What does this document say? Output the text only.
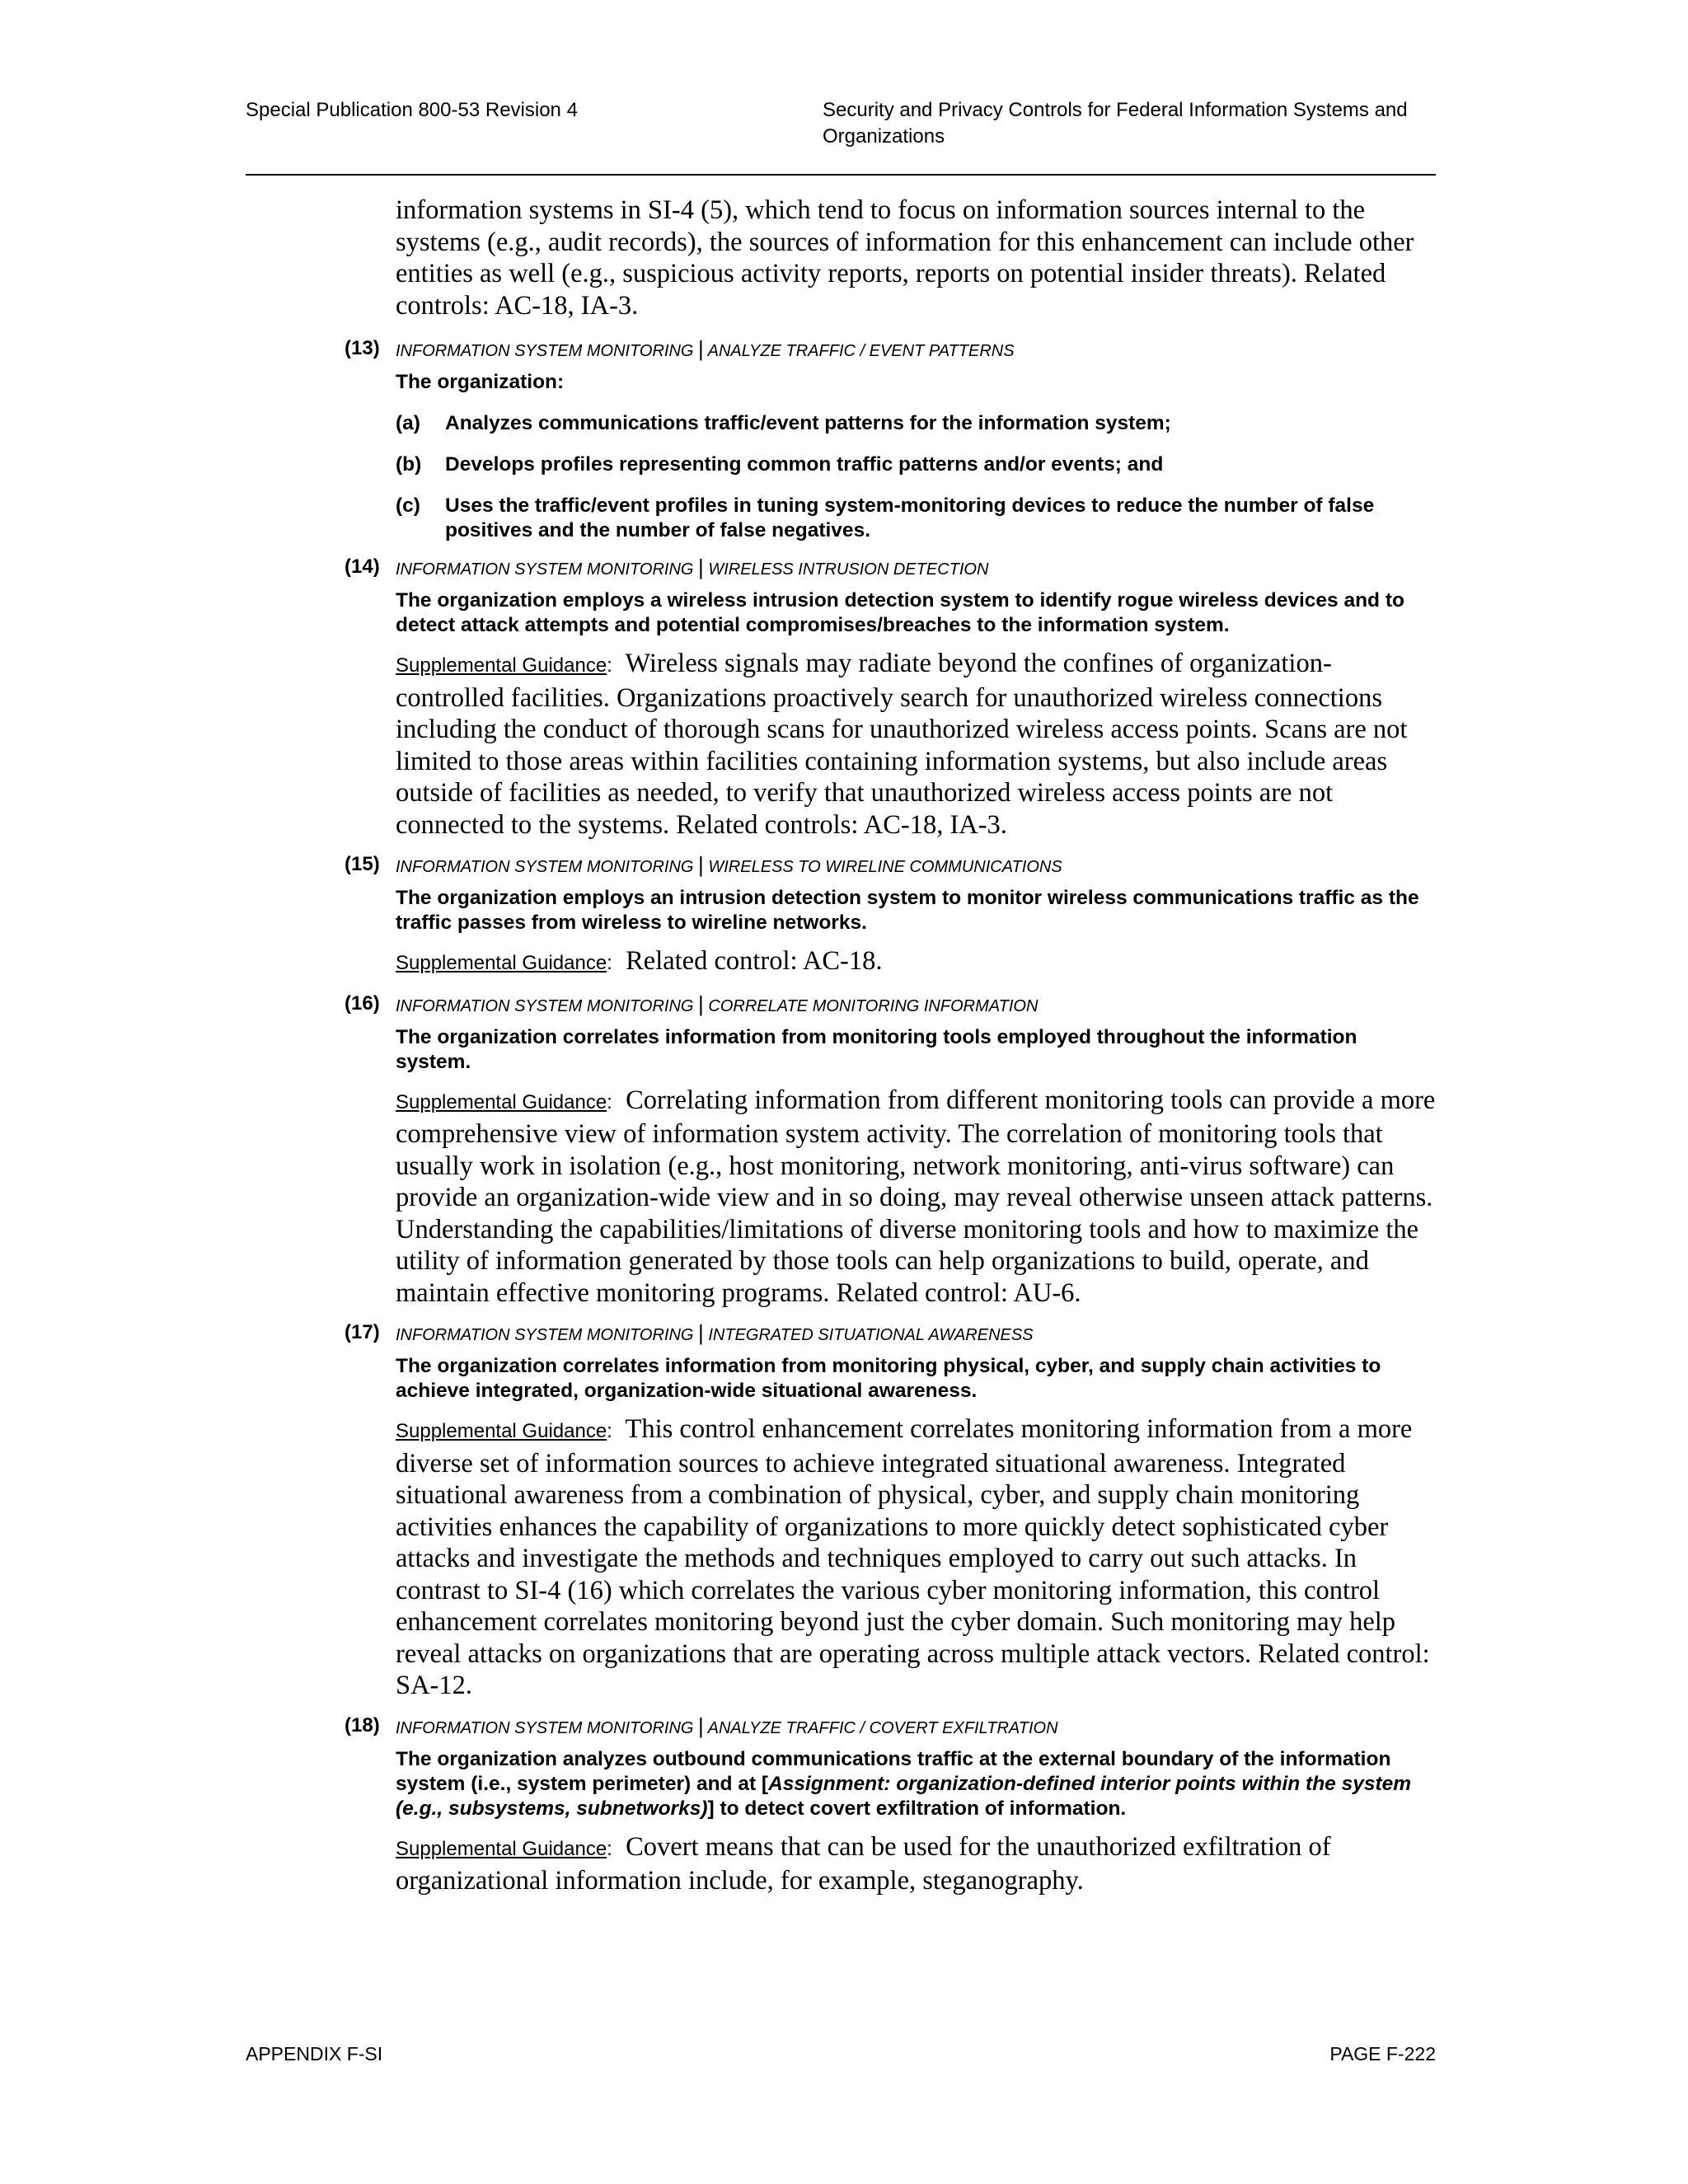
Special Publication 800-53 Revision 4	Security and Privacy Controls for Federal Information Systems and Organizations

information systems in SI-4 (5), which tend to focus on information sources internal to the systems (e.g., audit records), the sources of information for this enhancement can include other entities as well (e.g., suspicious activity reports, reports on potential insider threats). Related controls: AC-18, IA-3.

(13) INFORMATION SYSTEM MONITORING | ANALYZE TRAFFIC / EVENT PATTERNS

The organization:

(a) Analyzes communications traffic/event patterns for the information system;
(b) Develops profiles representing common traffic patterns and/or events; and
(c) Uses the traffic/event profiles in tuning system-monitoring devices to reduce the number of false positives and the number of false negatives.
(14) INFORMATION SYSTEM MONITORING | WIRELESS INTRUSION DETECTION

The organization employs a wireless intrusion detection system to identify rogue wireless devices and to detect attack attempts and potential compromises/breaches to the information system.

Supplemental Guidance: Wireless signals may radiate beyond the confines of organization-controlled facilities. Organizations proactively search for unauthorized wireless connections including the conduct of thorough scans for unauthorized wireless access points. Scans are not limited to those areas within facilities containing information systems, but also include areas outside of facilities as needed, to verify that unauthorized wireless access points are not connected to the systems. Related controls: AC-18, IA-3.

(15) INFORMATION SYSTEM MONITORING | WIRELESS TO WIRELINE COMMUNICATIONS

The organization employs an intrusion detection system to monitor wireless communications traffic as the traffic passes from wireless to wireline networks.

Supplemental Guidance: Related control: AC-18.

(16) INFORMATION SYSTEM MONITORING | CORRELATE MONITORING INFORMATION

The organization correlates information from monitoring tools employed throughout the information system.

Supplemental Guidance: Correlating information from different monitoring tools can provide a more comprehensive view of information system activity. The correlation of monitoring tools that usually work in isolation (e.g., host monitoring, network monitoring, anti-virus software) can provide an organization-wide view and in so doing, may reveal otherwise unseen attack patterns. Understanding the capabilities/limitations of diverse monitoring tools and how to maximize the utility of information generated by those tools can help organizations to build, operate, and maintain effective monitoring programs. Related control: AU-6.

(17) INFORMATION SYSTEM MONITORING | INTEGRATED SITUATIONAL AWARENESS

The organization correlates information from monitoring physical, cyber, and supply chain activities to achieve integrated, organization-wide situational awareness.

Supplemental Guidance: This control enhancement correlates monitoring information from a more diverse set of information sources to achieve integrated situational awareness. Integrated situational awareness from a combination of physical, cyber, and supply chain monitoring activities enhances the capability of organizations to more quickly detect sophisticated cyber attacks and investigate the methods and techniques employed to carry out such attacks. In contrast to SI-4 (16) which correlates the various cyber monitoring information, this control enhancement correlates monitoring beyond just the cyber domain. Such monitoring may help reveal attacks on organizations that are operating across multiple attack vectors. Related control: SA-12.

(18) INFORMATION SYSTEM MONITORING | ANALYZE TRAFFIC / COVERT EXFILTRATION

The organization analyzes outbound communications traffic at the external boundary of the information system (i.e., system perimeter) and at [Assignment: organization-defined interior points within the system (e.g., subsystems, subnetworks)] to detect covert exfiltration of information.

Supplemental Guidance: Covert means that can be used for the unauthorized exfiltration of organizational information include, for example, steganography.

APPENDIX F-SI	PAGE F-222
